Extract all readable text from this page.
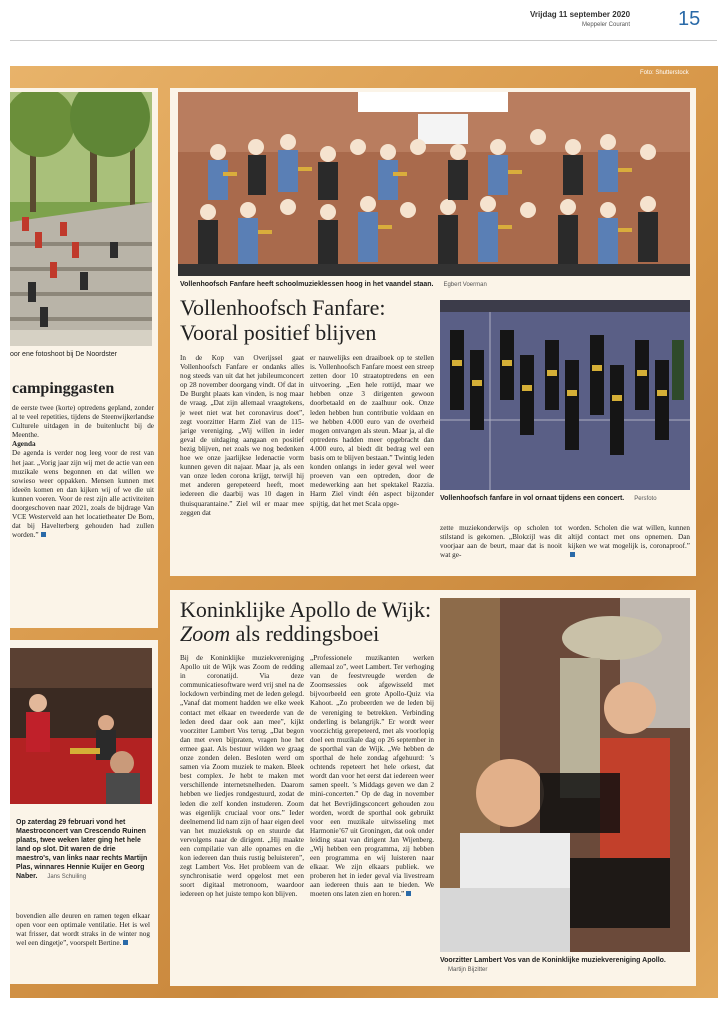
Vrijdag 11 september 2020
Meppeler Courant 15
Foto: Shutterstock
oor ene fotoshoot bij De Noordster
campinggasten
de eerste twee (korte) optredens gepland, zonder al te veel repetities, tijdens de Steenwijkerlandse Culturele uitdagen in de buitenlucht bij de Meenthe.
Agenda
De agenda is verder nog leeg voor de rest van het jaar. „Vorig jaar zijn wij met de actie van een muzikale wens begonnen en dat willen we sowieso weer oppakken. Mensen kunnen met ideeën komen en dan kijken wij of we die uit kunnen voeren. Voor de rest zijn alle activiteiten doorgeschoven naar 2021, zoals de bijdrage Van VCE Westerveld aan het locatietheater De Bom, dat bij Havelterberg gehouden had zullen worden.”
Op zaterdag 29 februari vond het Maestroconcert van Crescendo Ruinen plaats, twee weken later ging het hele land op slot. Dit waren de drie maestro's, van links naar rechts Martijn Plas, winnares Hennie Kuijer en Georg Naber. Jans Schuiling
bovendien alle deuren en ramen tegen elkaar open voor een optimale ventilatie. Het is wel wat frisser, dat wordt straks in de winter nog wel een dingetje”, voorspelt Bertine.
Vollenhoofsch Fanfare heeft schoolmuzieklessen hoog in het vaandel staan. Egbert Voerman
Vollenhoofsch Fanfare:
Vooral positief blijven
In de Kop van Overijssel gaat Vollenhoofsch Fanfare er ondanks alles nog steeds van uit dat het jubileumconcert op 28 november doorgang vindt. Of dat in De Burght plaats kan vinden, is nog maar de vraag. „Dat zijn allemaal vraagtekens, je weet niet wat het coronavirus doet”, zegt voorzitter Harm Ziel van de 115-jarige vereniging. „Wij willen in ieder geval de uitdaging aangaan en positief bezig blijven, net zoals we nog bedenken hoe we onze jaarlijkse ledenactie vorm kunnen geven dit najaar. Maar ja, als een van onze leden corona krijgt, terwijl hij met anderen gerepeteerd heeft, moet iedereen die daarbij was 10 dagen in thuisquarantaine.” Ziel wil er maar mee zeggen dat
er nauwelijks een draaiboek op te stellen is. Vollenhoofsch Fanfare moest een streep zetten door 10 straatoptredens en een uitvoering. „Een hele rottijd, maar we hebben onze 3 dirigenten gewoon doorbetaald en de zaalhuur ook. Onze leden hebben hun contributie voldaan en we hebben 4.000 euro van de overheid mogen ontvangen als steun. Maar ja, al die optredens hadden meer opgebracht dan 4.000 euro, al biedt dit bedrag wel een basis om te blijven bestaan.” Twintig leden konden onlangs in ieder geval wel weer proeven van een optreden, door de medewerking aan het spektakel Razzia. Harm Ziel vindt één aspect bijzonder spijtig, dat het met Scala opge-
Vollenhoofsch fanfare in vol ornaat tijdens een concert. Persfoto
zette muziekonderwijs op scholen tot stilstand is gekomen. „Blokzijl was dit voorjaar aan de beurt, maar dat is nooit wat ge-
worden. Scholen die wat willen, kunnen altijd contact met ons opnemen. Dan kijken we wat mogelijk is, coronaproof.”
Koninklijke Apollo de Wijk:
Zoom als reddingsboei
Bij de Koninklijke muziekvereniging Apollo uit de Wijk was Zoom de redding in coronatijd. Via deze communicatiesoftware werd vrij snel na de lockdown verbinding met de leden gelegd. „Vanaf dat moment hadden we elke week contact met elkaar en tweederde van de leden deed daar ook aan mee”, kijkt voorzitter Lambert Vos terug. „Dat begon dan met even bijpraten, vragen hoe het ermee gaat. Als bestuur wilden we graag onze zonden delen. Besloten werd om samen via Zoom muziek te maken. Bleek best complex. Je hebt te maken met verschillende internetsnelheden. Daarom hebben we liedjes rondgestuurd, zodat de leden die zelf konden instuderen. Zoom was eigenlijk cruciaal voor ons.” Ieder deelnemend lid nam zijn of haar eigen deel van het muziekstuk op en stuurde dat vervolgens naar de dirigent. „Hij maakte een compilatie van alle opnames en die kon iedereen dan thuis rustig beluisteren”, zegt Lambert Vos. Het probleem van de synchronisatie werd opgelost met een soort digitaal metronoom, waardoor iedereen op het juiste tempo kon blijven.
„Professionele muzikanten werken allemaal zo”, weet Lambert. Ter verhoging van de feestvreugde werden de Zoomsessies ook afgewisseld met bijvoorbeeld een grote Apollo-Quiz via Kahoot. „Zo probeerden we de leden bij de vereniging te betrekken. Verbinding onderling is belangrijk.” Er wordt weer voorzichtig gerepeteerd, met als voorlopig doel een muzikale dag op 26 september in de sporthal van de Wijk. „We hebben de sporthal de hele zondag afgehuurd: ’s ochtends repeteert het hele orkest, dat wordt dan voor het eerst dat iedereen weer samen speelt. ’s Middags geven we dan 2 mini-concerten.” Op de dag in november dat het Bevrijdingsconcert gehouden zou worden, wordt de sporthal ook gebruikt voor een muzikale uitwisseling met Harmonie’67 uit Groningen, dat ook onder leiding staat van dirigent Jan Wijenberg. „Wij hebben een programma, zij hebben een programma en wij luisteren naar elkaar. We zijn elkaars publiek. we proberen het in ieder geval via livestream aan iedereen thuis aan te bieden. We moeten ons laten zien en horen.”
Voorzitter Lambert Vos van de Koninklijke muziekvereniging Apollo. Martijn Bijzitter
